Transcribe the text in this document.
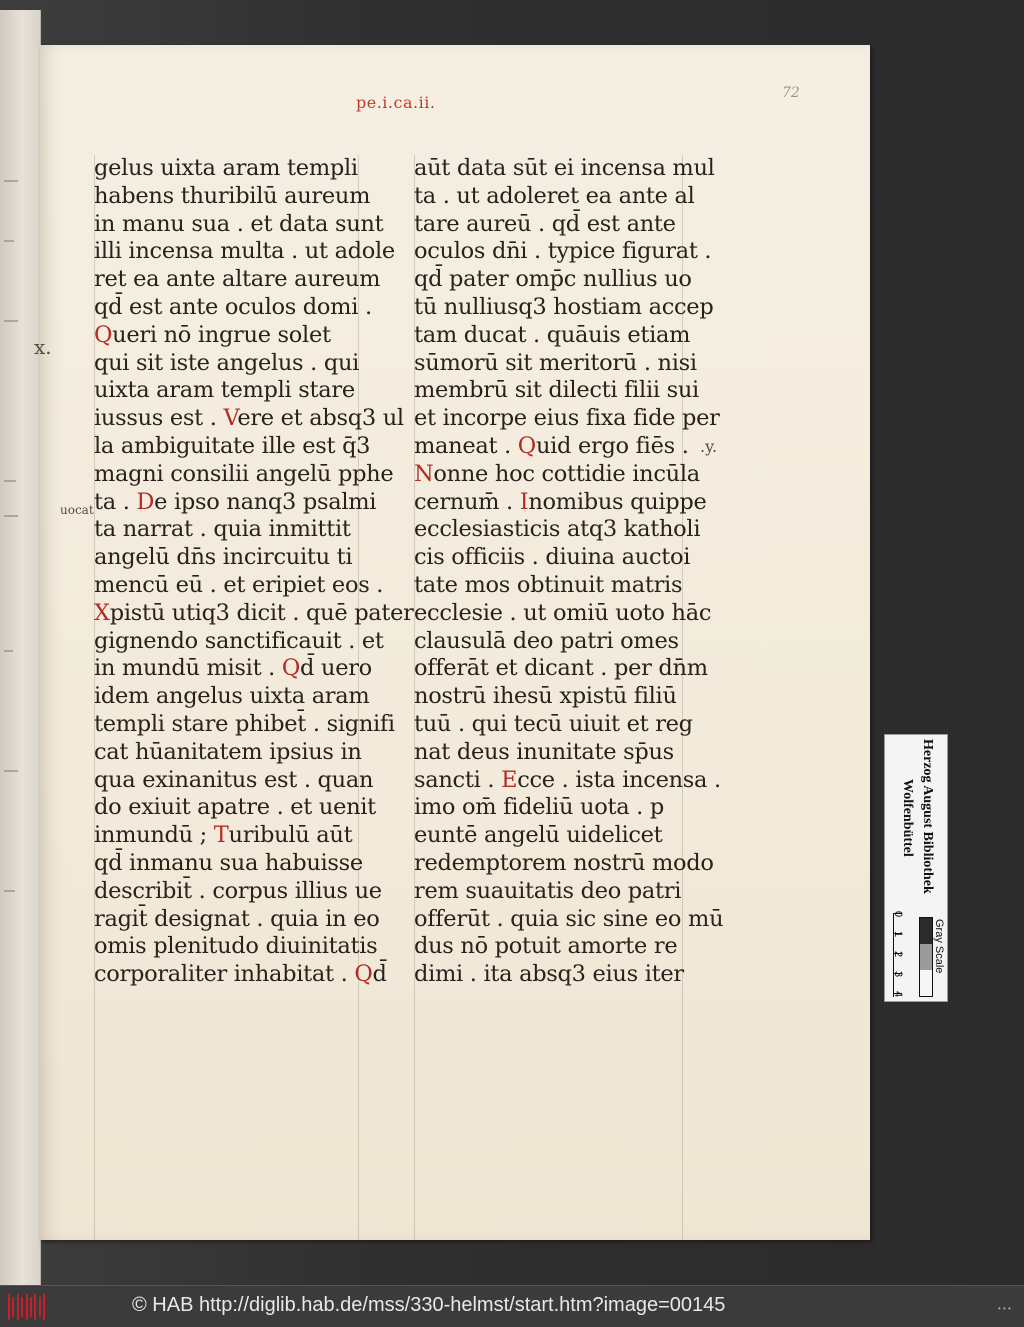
72
pe.i.ca.ii.
gelus uixta aram templi
habens thuribilū aureum
in manu sua . et data sunt
illi incensa multa . ut adole
ret ea ante altare aureum
qd̄ est ante oculos domi .
Queri nō ingrue solet
qui sit iste angelus . qui
uixta aram templi stare
iussus est . Vere et absq3 ul
la ambiguitate ille est q̄3
magni consilii angelū pphe
ta . De ipso nanq3 psalmi
ta narrat . quia inmittit
angelū dn̄s incircuitu ti
mencū eū . et eripiet eos .
Xpistū utiq3 dicit . quē pater
gignendo sanctificauit . et
in mundū misit . Qd̄ uero
idem angelus uixta aram
templi stare phibet̄ . signifi
cat hūanitatem ipsius in
qua exinanitus est . quan
do exiuit apatre . et uenit
inmundū ; Turibulū aūt
qd̄ inmanu sua habuisse
describit̄ . corpus illius ue
ragit̄ designat . quia in eo
omis plenitudo diuinitatis
corporaliter inhabitat . Qd̄
aūt data sūt ei incensa mul
ta . ut adoleret ea ante al
tare aureū . qd̄ est ante
oculos dn̄i . typice figurat .
qd̄ pater omp̄c nullius uo
tū nulliusq3 hostiam accep
tam ducat . quāuis etiam
sūmorū sit meritorū . nisi
membrū sit dilecti filii sui
et incorpe eius fixa fide per
maneat . Quid ergo fiēs .
Nonne hoc cottidie incūla
cernum̄ . Inomibus quippe
ecclesiasticis atq3 katholi
cis officiis . diuina auctoi
tate mos obtinuit matris
ecclesie . ut omiū uoto hāc
clausulā deo patri omes
offerāt et dicant . per dn̄m
nostrū ihesū xpistū filiū
tuū . qui tecū uiuit et reg
nat deus inunitate sp̄us
sancti . Ecce . ista incensa .
imo om̄ fideliū uota . p
euntē angelū uidelicet
redemptorem nostrū modo
rem suauitatis deo patri
offerūt . quia sic sine eo mū
dus nō potuit amorte re
dimi . ita absq3 eius iter
x.
uocat
.y.
Herzog August Bibliothek
Wolfenbüttel
0
1
2
3
4
Gray Scale
© HAB http://diglib.hab.de/mss/330-helmst/start.htm?image=00145	• • •
